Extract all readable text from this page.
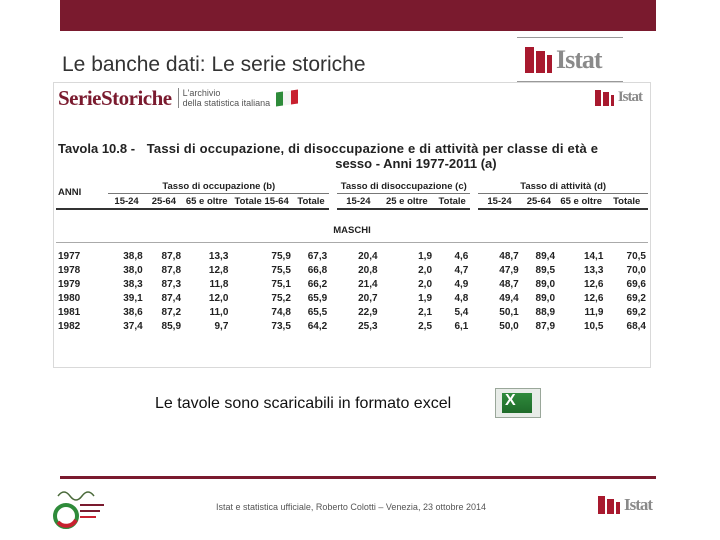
Le banche dati: Le serie storiche	Istat
SerieStoriche L'archivio
della statistica italiana	Istat
Tavola 10.8 -		Tassi di occupazione, di disoccupazione e di attività per classe di età e										
						sesso - Anni 1977-2011 (a)						
ANNI	Tasso di occupazione (b)					Tasso di disoccupazione (c)			Tasso di attività (d)			
	15-24	25-64	65 e oltre	Totale 15-64	Totale	15-24	25 e oltre	Totale	15-24	25-64	65 e oltre	Totale
MASCHI												

1977	38,8	87,8	13,3	75,9	67,3	20,4	1,9	4,6	48,7	89,4	14,1	70,5
1978	38,0	87,8	12,8	75,5	66,8	20,8	2,0	4,7	47,9	89,5	13,3	70,0
1979	38,3	87,3	11,8	75,1	66,2	21,4	2,0	4,9	48,7	89,0	12,6	69,6
1980	39,1	87,4	12,0	75,2	65,9	20,7	1,9	4,8	49,4	89,0	12,6	69,2
1981	38,6	87,2	11,0	74,8	65,5	22,9	2,1	5,4	50,1	88,9	11,9	69,2
1982	37,4	85,9	9,7	73,5	64,2	25,3	2,5	6,1	50,0	87,9	10,5	68,4
Le tavole sono scaricabili in formato excel	X
Istat e statistica ufficiale, Roberto Colotti – Venezia, 23 ottobre 2014	Istat
